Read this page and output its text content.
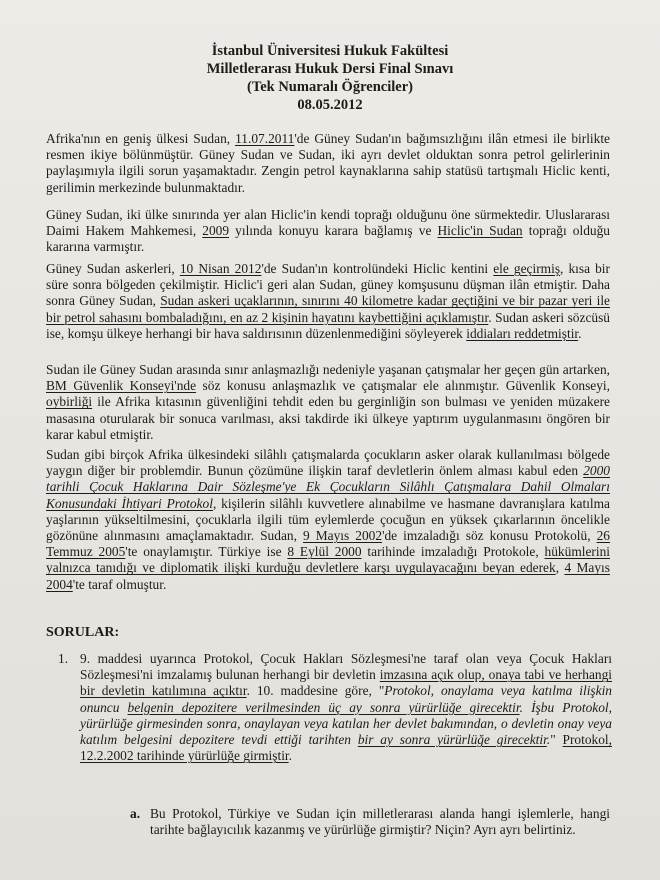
İstanbul Üniversitesi Hukuk Fakültesi
Milletlerarası Hukuk Dersi Final Sınavı
(Tek Numaralı Öğrenciler)
08.05.2012
Afrika'nın en geniş ülkesi Sudan, 11.07.2011'de Güney Sudan'ın bağımsızlığını ilân etmesi ile birlikte resmen ikiye bölünmüştür. Güney Sudan ve Sudan, iki ayrı devlet olduktan sonra petrol gelirlerinin paylaşımıyla ilgili sorun yaşamaktadır. Zengin petrol kaynaklarına sahip statüsü tartışmalı Hiclic kenti, gerilimin merkezinde bulunmaktadır.
Güney Sudan, iki ülke sınırında yer alan Hiclic'in kendi toprağı olduğunu öne sürmektedir. Uluslararası Daimi Hakem Mahkemesi, 2009 yılında konuyu karara bağlamış ve Hiclic'in Sudan toprağı olduğu kararına varmıştır.
Güney Sudan askerleri, 10 Nisan 2012'de Sudan'ın kontrolündeki Hiclic kentini ele geçirmiş, kısa bir süre sonra bölgeden çekilmiştir. Hiclic'i geri alan Sudan, güney komşusunu düşman ilân etmiştir. Daha sonra Güney Sudan, Sudan askeri uçaklarının, sınırını 40 kilometre kadar geçtiğini ve bir pazar yeri ile bir petrol sahasını bombaladığını, en az 2 kişinin hayatını kaybettiğini açıklamıştır. Sudan askeri sözcüsü ise, komşu ülkeye herhangi bir hava saldırısının düzenlenmediğini söyleyerek iddiaları reddetmiştir.
Sudan ile Güney Sudan arasında sınır anlaşmazlığı nedeniyle yaşanan çatışmalar her geçen gün artarken, BM Güvenlik Konseyi'nde söz konusu anlaşmazlık ve çatışmalar ele alınmıştır. Güvenlik Konseyi, oybirliği ile Afrika kıtasının güvenliğini tehdit eden bu gerginliğin son bulması ve yeniden müzakere masasına oturularak bir sonuca varılması, aksi takdirde iki ülkeye yaptırım uygulanmasını öngören bir karar kabul etmiştir.
Sudan gibi birçok Afrika ülkesindeki silâhlı çatışmalarda çocukların asker olarak kullanılması bölgede yaygın diğer bir problemdir. Bunun çözümüne ilişkin taraf devletlerin önlem alması kabul eden 2000 tarihli Çocuk Haklarına Dair Sözleşme'ye Ek Çocukların Silâhlı Çatışmalara Dahil Olmaları Konusundaki İhtiyari Protokol, kişilerin silâhlı kuvvetlere alınabilme ve hasmane davranışlara katılma yaşlarının yükseltilmesini, çocuklarla ilgili tüm eylemlerde çocuğun en yüksek çıkarlarının öncelikle gözönüne alınmasını amaçlamaktadır. Sudan, 9 Mayıs 2002'de imzaladığı söz konusu Protokolü, 26 Temmuz 2005'te onaylamıştır. Türkiye ise 8 Eylül 2000 tarihinde imzaladığı Protokole, hükümlerini yalnızca tanıdığı ve diplomatik ilişki kurduğu devletlere karşı uygulayacağını beyan ederek, 4 Mayıs 2004'te taraf olmuştur.
SORULAR:
1. 9. maddesi uyarınca Protokol, Çocuk Hakları Sözleşmesi'ne taraf olan veya Çocuk Hakları Sözleşmesi'ni imzalamış bulunan herhangi bir devletin imzasına açık olup, onaya tabi ve herhangi bir devletin katılımına açıktır. 10. maddesine göre, "Protokol, onaylama veya katılma ilişkin onuncu belgenin depozitere verilmesinden üç ay sonra yürürlüğe girecektir. İşbu Protokol, yürürlüğe girmesinden sonra, onaylayan veya katılan her devlet bakımından, o devletin onay veya katılım belgesini depozitere tevdi ettiği tarihten bir ay sonra yürürlüğe girecektir." Protokol, 12.2.2002 tarihinde yürürlüğe girmiştir.
a. Bu Protokol, Türkiye ve Sudan için milletlerarası alanda hangi işlemlerle, hangi tarihte bağlayıcılık kazanmış ve yürürlüğe girmiştir? Niçin? Ayrı ayrı belirtiniz.
